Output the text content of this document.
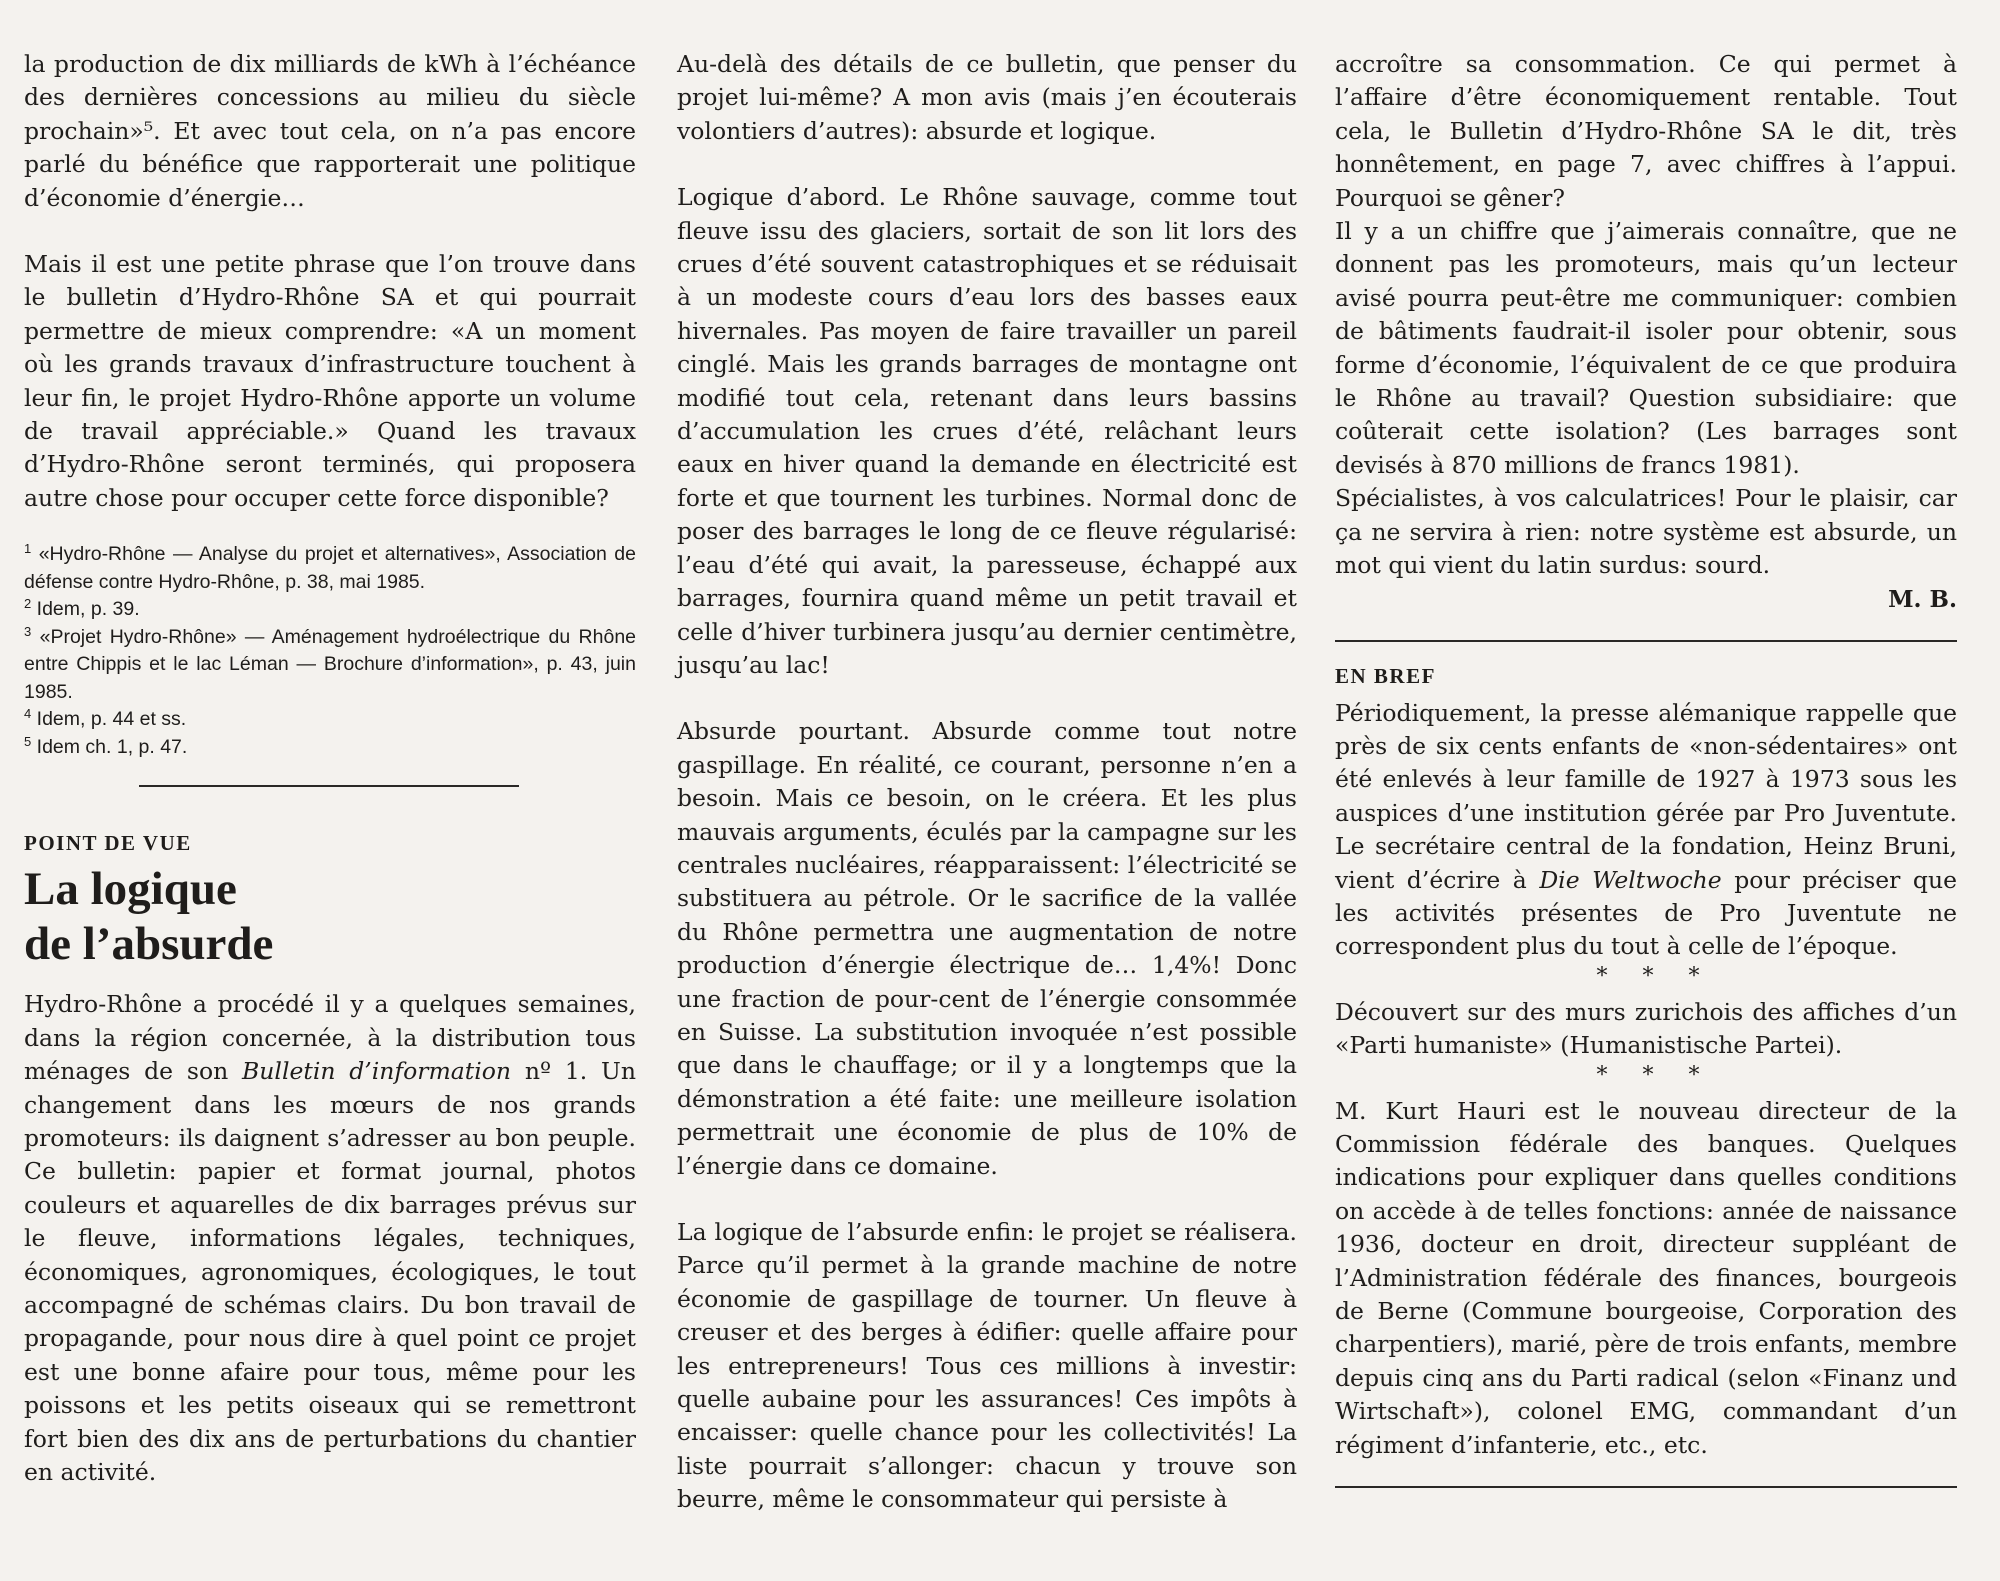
la production de dix milliards de kWh à l’échéance des dernières concessions au milieu du siècle prochain»⁵. Et avec tout cela, on n’a pas encore parlé du bénéfice que rapporterait une politique d’économie d’énergie…

Mais il est une petite phrase que l’on trouve dans le bulletin d’Hydro-Rhône SA et qui pourrait permettre de mieux comprendre: «A un moment où les grands travaux d’infrastructure touchent à leur fin, le projet Hydro-Rhône apporte un volume de travail appréciable.» Quand les travaux d’Hydro-Rhône seront terminés, qui proposera autre chose pour occuper cette force disponible?

$^1$ «Hydro-Rhône — Analyse du projet et alternatives», Association de défense contre Hydro-Rhône, p. 38, mai 1985.
$^2$ Idem, p. 39.
$^3$ «Projet Hydro-Rhône» — Aménagement hydroélectrique du Rhône entre Chippis et le lac Léman — Brochure d’information», p. 43, juin 1985.
$^4$ Idem, p. 44 et ss.
$^5$ Idem ch. 1, p. 47.
POINT DE VUE
La logique
de l’absurde

Hydro-Rhône a procédé il y a quelques semaines, dans la région concernée, à la distribution tous ménages de son Bulletin d’information nº 1. Un changement dans les mœurs de nos grands promoteurs: ils daignent s’adresser au bon peuple. Ce bulletin: papier et format journal, photos couleurs et aquarelles de dix barrages prévus sur le fleuve, informations légales, techniques, économiques, agronomiques, écologiques, le tout accompagné de schémas clairs. Du bon travail de propagande, pour nous dire à quel point ce projet est une bonne afaire pour tous, même pour les poissons et les petits oiseaux qui se remettront fort bien des dix ans de perturbations du chantier en activité.

Au-delà des détails de ce bulletin, que penser du projet lui-même? A mon avis (mais j’en écouterais volontiers d’autres): absurde et logique.

Logique d’abord. Le Rhône sauvage, comme tout fleuve issu des glaciers, sortait de son lit lors des crues d’été souvent catastrophiques et se réduisait à un modeste cours d’eau lors des basses eaux hivernales. Pas moyen de faire travailler un pareil cinglé. Mais les grands barrages de montagne ont modifié tout cela, retenant dans leurs bassins d’accumulation les crues d’été, relâchant leurs eaux en hiver quand la demande en électricité est forte et que tournent les turbines. Normal donc de poser des barrages le long de ce fleuve régularisé: l’eau d’été qui avait, la paresseuse, échappé aux barrages, fournira quand même un petit travail et celle d’hiver turbinera jusqu’au dernier centimètre, jusqu’au lac!

Absurde pourtant. Absurde comme tout notre gaspillage. En réalité, ce courant, personne n’en a besoin. Mais ce besoin, on le créera. Et les plus mauvais arguments, éculés par la campagne sur les centrales nucléaires, réapparaissent: l’électricité se substituera au pétrole. Or le sacrifice de la vallée du Rhône permettra une augmentation de notre production d’énergie électrique de… 1,4%! Donc une fraction de pour-cent de l’énergie consommée en Suisse. La substitution invoquée n’est possible que dans le chauffage; or il y a longtemps que la démonstration a été faite: une meilleure isolation permettrait une économie de plus de 10% de l’énergie dans ce domaine.

La logique de l’absurde enfin: le projet se réalisera. Parce qu’il permet à la grande machine de notre économie de gaspillage de tourner. Un fleuve à creuser et des berges à édifier: quelle affaire pour les entrepreneurs! Tous ces millions à investir: quelle aubaine pour les assurances! Ces impôts à encaisser: quelle chance pour les collectivités! La liste pourrait s’allonger: chacun y trouve son beurre, même le consommateur qui persiste à

accroître sa consommation. Ce qui permet à l’affaire d’être économiquement rentable. Tout cela, le Bulletin d’Hydro-Rhône SA le dit, très honnêtement, en page 7, avec chiffres à l’appui. Pourquoi se gêner?

Il y a un chiffre que j’aimerais connaître, que ne donnent pas les promoteurs, mais qu’un lecteur avisé pourra peut-être me communiquer: combien de bâtiments faudrait-il isoler pour obtenir, sous forme d’économie, l’équivalent de ce que produira le Rhône au travail? Question subsidiaire: que coûterait cette isolation? (Les barrages sont devisés à 870 millions de francs 1981).

Spécialistes, à vos calculatrices! Pour le plaisir, car ça ne servira à rien: notre système est absurde, un mot qui vient du latin surdus: sourd.

M. B.
EN BREF

Périodiquement, la presse alémanique rappelle que près de six cents enfants de «non-sédentaires» ont été enlevés à leur famille de 1927 à 1973 sous les auspices d’une institution gérée par Pro Juventute. Le secrétaire central de la fondation, Heinz Bruni, vient d’écrire à Die Weltwoche pour préciser que les activités présentes de Pro Juventute ne correspondent plus du tout à celle de l’époque.

* * *

Découvert sur des murs zurichois des affiches d’un «Parti humaniste» (Humanistische Partei).

* * *

M. Kurt Hauri est le nouveau directeur de la Commission fédérale des banques. Quelques indications pour expliquer dans quelles conditions on accède à de telles fonctions: année de naissance 1936, docteur en droit, directeur suppléant de l’Administration fédérale des finances, bourgeois de Berne (Commune bourgeoise, Corporation des charpentiers), marié, père de trois enfants, membre depuis cinq ans du Parti radical (selon «Finanz und Wirtschaft»), colonel EMG, commandant d’un régiment d’infanterie, etc., etc.
